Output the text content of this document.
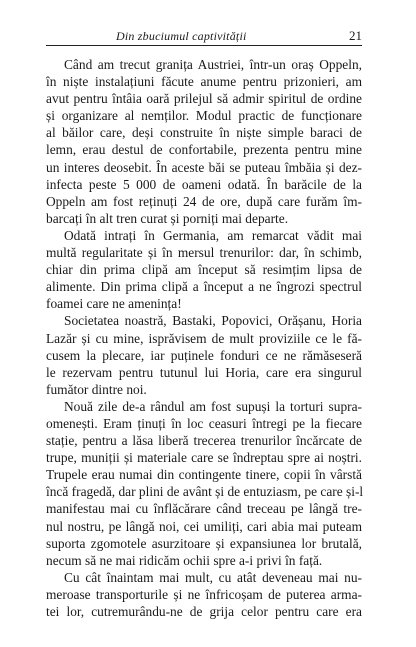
Din zbuciumul captivității	21
Când am trecut granița Austriei, într-un oraș Oppeln,
în niște instalațiuni făcute anume pentru prizonieri, am
avut pentru întâia oară prilejul să admir spiritul de ordine
și organizare al nemților. Modul practic de funcționare
al băilor care, deși construite în niște simple baraci de
lemn, erau destul de confortabile, prezenta pentru mine
un interes deosebit. În aceste băi se puteau îmbăia și dez-
infecta peste 5 000 de oameni odată. În barăcile de la
Oppeln am fost reținuți 24 de ore, după care furăm îm-
barcați în alt tren curat și porniți mai departe.
Odată intrați în Germania, am remarcat vădit mai
multă regularitate și în mersul trenurilor: dar, în schimb,
chiar din prima clipă am început să resimțim lipsa de
alimente. Din prima clipă a început a ne îngrozi spectrul
foamei care ne amenința!
Societatea noastră, Bastaki, Popovici, Orășanu, Horia
Lazăr și cu mine, isprăvisem de mult proviziile ce le fă-
cusem la plecare, iar puținele fonduri ce ne rămăseseră
le rezervam pentru tutunul lui Horia, care era singurul
fumător dintre noi.
Nouă zile de-a rândul am fost supuși la torturi supra-
omenești. Eram ținuți în loc ceasuri întregi pe la fiecare
stație, pentru a lăsa liberă trecerea trenurilor încărcate de
trupe, muniții și materiale care se îndreptau spre ai noștri.
Trupele erau numai din contingente tinere, copii în vârstă
încă fragedă, dar plini de avânt și de entuziasm, pe care și-l
manifestau mai cu înflăcărare când treceau pe lângă tre-
nul nostru, pe lângă noi, cei umiliți, cari abia mai puteam
suporta zgomotele asurzitoare și expansiunea lor brutală,
necum să ne mai ridicăm ochii spre a-i privi în față.
Cu cât înaintam mai mult, cu atât deveneau mai nu-
meroase transporturile și ne înfricoșam de puterea arma-
tei lor, cutremurându-ne de grija celor pentru care era
